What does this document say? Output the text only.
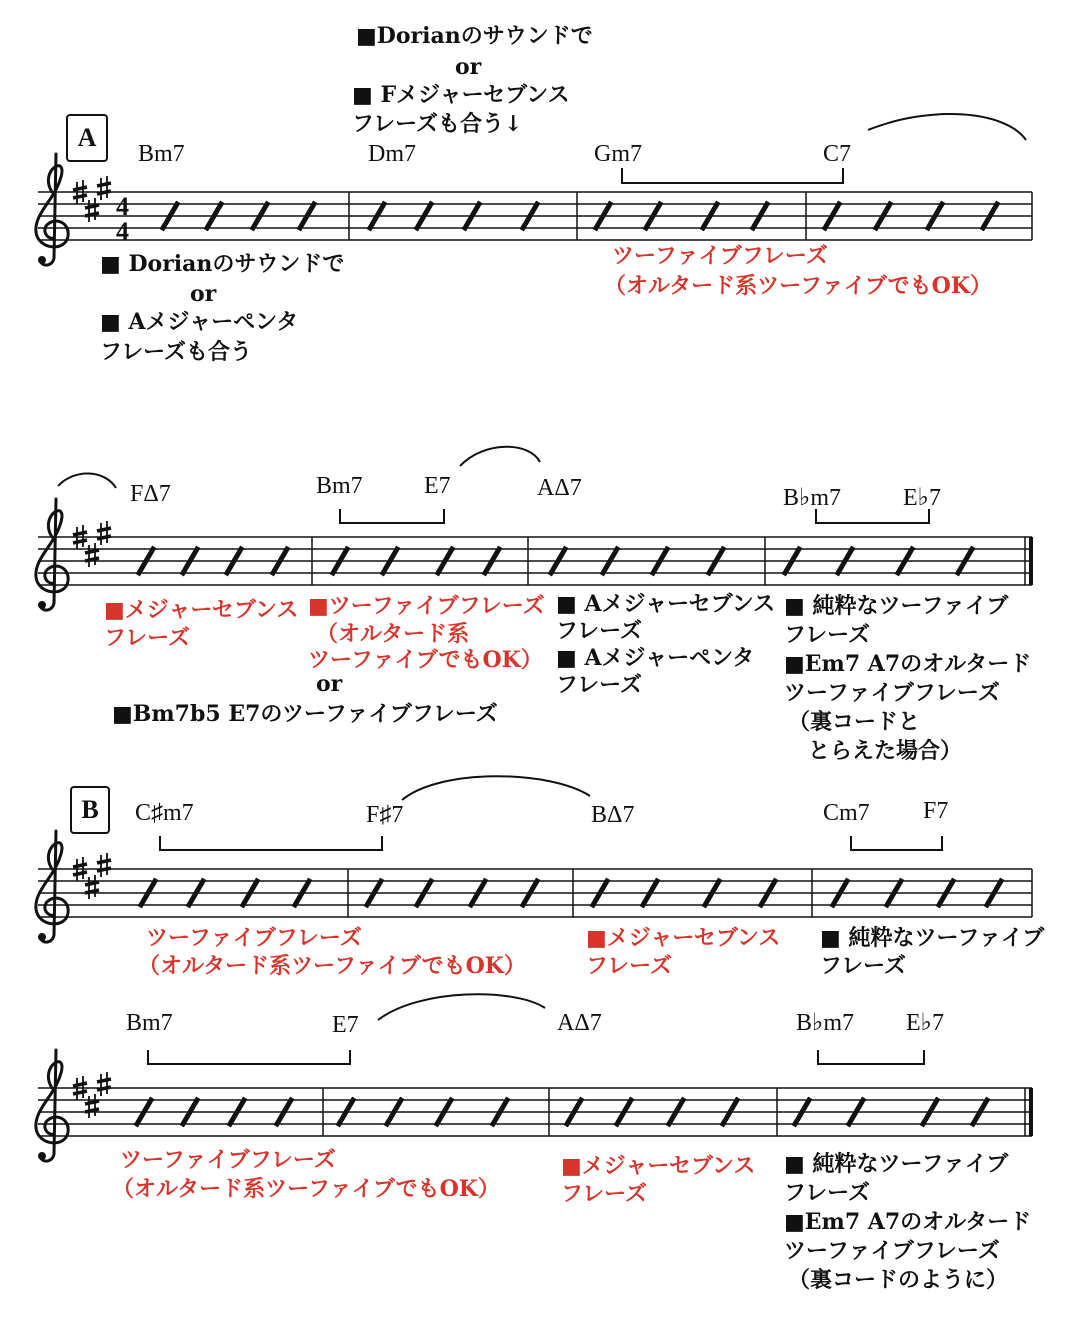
4
4
A
B
Bm7	Dm7	Gm7	C7
FΔ7	Bm7	E7	AΔ7	B♭m7	E♭7
C♯m7	F♯7	BΔ7	Cm7 F7
Bm7	E7	AΔ7	B♭m7 E♭7
■Dorianのサウンドで
or
■ Fメジャーセブンス
フレーズも合う↓
■ Dorianのサウンドで
or
■ Aメジャーペンタ
フレーズも合う
ツーファイブフレーズ
（オルタード系ツーファイブでもOK）
■メジャーセブンス
フレーズ
■ツーファイブフレーズ
（オルタード系
ツーファイブでもOK）
or
■Bm7b5 E7のツーファイブフレーズ
■ Aメジャーセブンス
フレーズ
■ Aメジャーペンタ
フレーズ
■ 純粋なツーファイブ
フレーズ
■Em7 A7のオルタード
ツーファイブフレーズ
（裏コードと
とらえた場合）
ツーファイブフレーズ
（オルタード系ツーファイブでもOK）
■メジャーセブンス
フレーズ
■ 純粋なツーファイブ
フレーズ
ツーファイブフレーズ
（オルタード系ツーファイブでもOK）
■メジャーセブンス
フレーズ
■ 純粋なツーファイブ
フレーズ
■Em7 A7のオルタード
ツーファイブフレーズ
（裏コードのように）
